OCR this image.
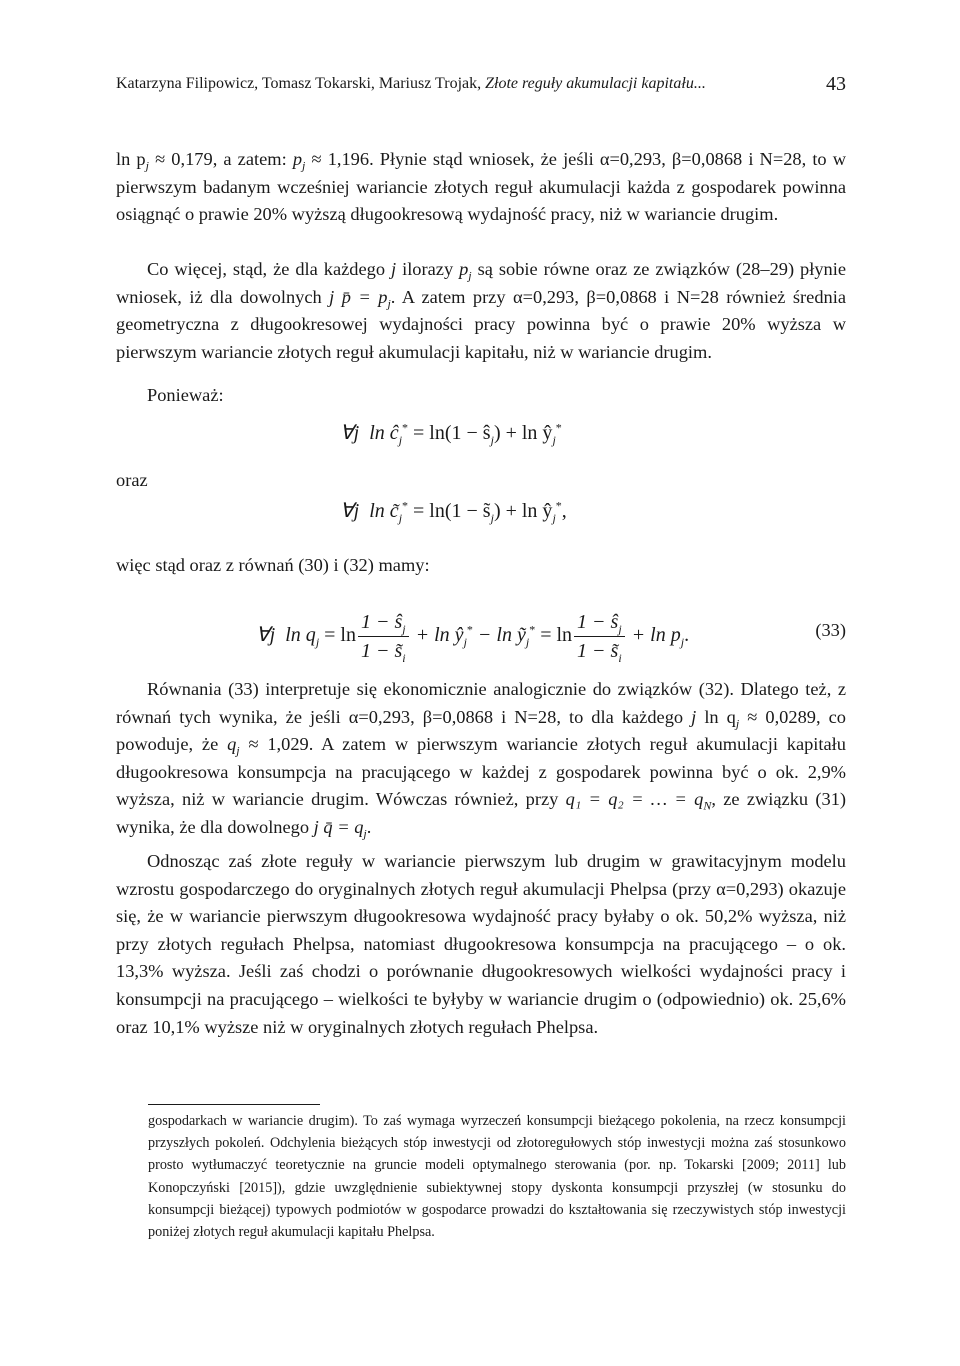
Katarzyna Filipowicz, Tomasz Tokarski, Mariusz Trojak, Złote reguły akumulacji kapitału...	43

$\ln p_j \approx 0,179$, a zatem: $p_j \approx 1,196$. Płynie stąd wniosek, że jeśli α=0,293, β=0,0868 i N=28, to w pierwszym badanym wcześniej wariancie złotych reguł akumulacji każda z gospodarek powinna osiągnąć o prawie 20% wyższą długookresową wydajność pracy, niż w wariancie drugim.

Co więcej, stąd, że dla każdego j ilorazy $p_j$ są sobie równe oraz ze związków (28–29) płynie wniosek, iż dla dowolnych j p̄ = $p_j$. A zatem przy α=0,293, β=0,0868 i N=28 również średnia geometryczna z długookresowej wydajności pracy powinna być o prawie 20% wyższa w pierwszym wariancie złotych reguł akumulacji kapitału, niż w wariancie drugim.

Ponieważ:

∀j $\ln ĉ_j^* = \ln(1$ − $ŝ_j) + \ln$ $ŷ_j^*$
oraz
∀j $\ln c̃_j^* = \ln(1$ − $s̃_j) + \ln$ $ŷ_j^*$,

więc stąd oraz z równań (30) i (32) mamy:

∀j $\ln q_j = \ln \frac{1 - ŝ_j}{1 - s̃_i} + \ln$ $ŷ_j^* - \ln$ ỹ$_j$* = $\ln \frac{1 - ŝ_j}{1 - s̃_i} + \ln p_j$.	(33)

Równania (33) interpretuje się ekonomicznie analogicznie do związków (32). Dlatego też, z równań tych wynika, że jeśli α=0,293, β=0,0868 i N=28, to dla każdego j $\ln q_j \approx 0,0289$, co powoduje, że $q_j \approx 1,029$. A zatem w pierwszym wariancie złotych reguł akumulacji kapitału długookresowa konsumpcja na pracującego w każdej z gospodarek powinna być o ok. 2,9% wyższa, niż w wariancie drugim. Wówczas również, przy q₁ = q₂ = … = $q_N$, ze związku (31) wynika, że dla dowolnego j q̄ = $q_j$.

Odnosząc zaś złote reguły w wariancie pierwszym lub drugim w grawitacyjnym modelu wzrostu gospodarczego do oryginalnych złotych reguł akumulacji Phelpsa (przy α=0,293) okazuje się, że w wariancie pierwszym długookresowa wydajność pracy byłaby o ok. 50,2% wyższa, niż przy złotych regułach Phelpsa, natomiast długookresowa konsumpcja na pracującego – o ok. 13,3% wyższa. Jeśli zaś chodzi o porównanie długookresowych wielkości wydajności pracy i konsumpcji na pracującego – wielkości te byłyby w wariancie drugim o (odpowiednio) ok. 25,6% oraz 10,1% wyższe niż w oryginalnych złotych regułach Phelpsa.

gospodarkach w wariancie drugim). To zaś wymaga wyrzeczeń konsumpcji bieżącego pokolenia, na rzecz konsumpcji przyszłych pokoleń. Odchylenia bieżących stóp inwestycji od złotoregułowych stóp inwestycji można zaś stosunkowo prosto wytłumaczyć teoretycznie na gruncie modeli optymalnego sterowania (por. np. Tokarski [2009; 2011] lub Konopczyński [2015]), gdzie uwzględnienie subiektywnej stopy dyskonta konsumpcji przyszłej (w stosunku do konsumpcji bieżącej) typowych podmiotów w gospodarce prowadzi do kształtowania się rzeczywistych stóp inwestycji poniżej złotych reguł akumulacji kapitału Phelpsa.
